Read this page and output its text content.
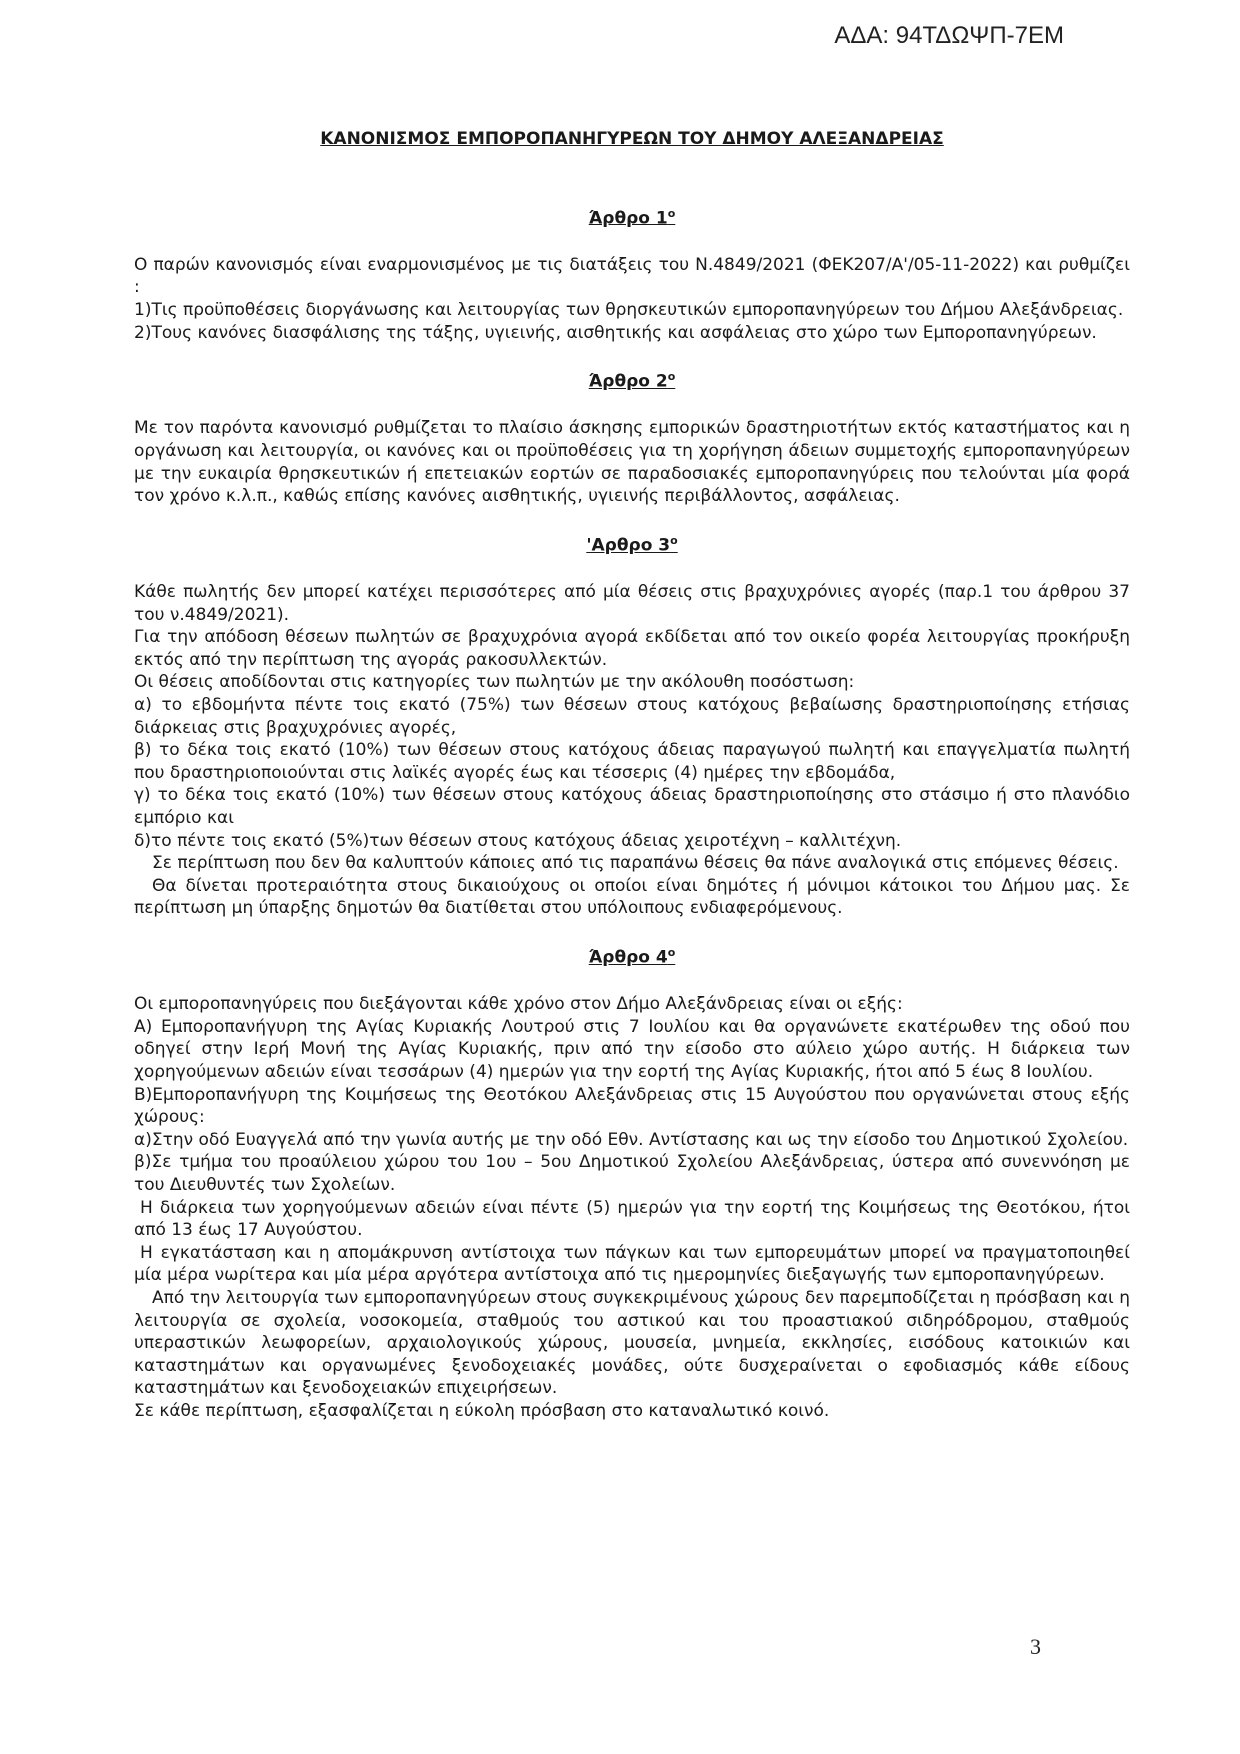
ΑΔΑ: 94ΤΔΩΨΠ-7ΕΜ
ΚΑΝΟΝΙΣΜΟΣ ΕΜΠΟΡΟΠΑΝΗΓΥΡΕΩΝ ΤΟΥ ΔΗΜΟΥ ΑΛΕΞΑΝΔΡΕΙΑΣ
Άρθρο $1^o$

Ο παρών κανονισμός είναι εναρμονισμένος με τις διατάξεις του Ν.4849/2021 (ΦΕΚ207/Α'/05-11-2022) και ρυθμίζει :

1)Τις προϋποθέσεις διοργάνωσης και λειτουργίας των θρησκευτικών εμποροπανηγύρεων του Δήμου Αλεξάνδρειας.

2)Τους κανόνες διασφάλισης της τάξης, υγιεινής, αισθητικής και ασφάλειας στο χώρο των Εμποροπανηγύρεων.

Άρθρο $2^o$

Με τον παρόντα κανονισμό ρυθμίζεται το πλαίσιο άσκησης εμπορικών δραστηριοτήτων εκτός καταστήματος και η οργάνωση και λειτουργία, οι κανόνες και οι προϋποθέσεις για τη χορήγηση άδειων συμμετοχής εμποροπανηγύρεων με την ευκαιρία θρησκευτικών ή επετειακών εορτών σε παραδοσιακές εμποροπανηγύρεις που τελούνται μία φορά τον χρόνο κ.λ.π., καθώς επίσης κανόνες αισθητικής, υγιεινής περιβάλλοντος, ασφάλειας.

'Αρθρο $3^o$

Κάθε πωλητής δεν μπορεί κατέχει περισσότερες από μία θέσεις στις βραχυχρόνιες αγορές (παρ.1 του άρθρου 37 του ν.4849/2021).

Για την απόδοση θέσεων πωλητών σε βραχυχρόνια αγορά εκδίδεται από τον οικείο φορέα λειτουργίας προκήρυξη εκτός από την περίπτωση της αγοράς ρακοσυλλεκτών.

Οι θέσεις αποδίδονται στις κατηγορίες των πωλητών με την ακόλουθη ποσόστωση:

α) το εβδομήντα πέντε τοις εκατό (75%) των θέσεων στους κατόχους βεβαίωσης δραστηριοποίησης ετήσιας διάρκειας στις βραχυχρόνιες αγορές,

β) το δέκα τοις εκατό (10%) των θέσεων στους κατόχους άδειας παραγωγού πωλητή και επαγγελματία πωλητή που δραστηριοποιούνται στις λαϊκές αγορές έως και τέσσερις (4) ημέρες την εβδομάδα,

γ) το δέκα τοις εκατό (10%) των θέσεων στους κατόχους άδειας δραστηριοποίησης στο στάσιμο ή στο πλανόδιο εμπόριο και

δ)το πέντε τοις εκατό (5%)των θέσεων στους κατόχους άδειας χειροτέχνη – καλλιτέχνη.

Σε περίπτωση που δεν θα καλυπτούν κάποιες από τις παραπάνω θέσεις θα πάνε αναλογικά στις επόμενες θέσεις.

Θα δίνεται προτεραιότητα στους δικαιούχους οι οποίοι είναι δημότες ή μόνιμοι κάτοικοι του Δήμου μας. Σε περίπτωση μη ύπαρξης δημοτών θα διατίθεται στου υπόλοιπους ενδιαφερόμενους.

Άρθρο $4^o$

Οι εμποροπανηγύρεις που διεξάγονται κάθε χρόνο στον Δήμο Αλεξάνδρειας είναι οι εξής:

Α) Εμποροπανήγυρη της Αγίας Κυριακής Λουτρού στις 7 Ιουλίου και θα οργανώνετε εκατέρωθεν της οδού που οδηγεί στην Ιερή Μονή της Αγίας Κυριακής, πριν από την είσοδο στο αύλειο χώρο αυτής. Η διάρκεια των χορηγούμενων αδειών είναι τεσσάρων (4) ημερών για την εορτή της Αγίας Κυριακής, ήτοι από 5 έως 8 Ιουλίου.

Β)Εμποροπανήγυρη της Κοιμήσεως της Θεοτόκου Αλεξάνδρειας στις 15 Αυγούστου που οργανώνεται στους εξής χώρους:

α)Στην οδό Ευαγγελά από την γωνία αυτής με την οδό Εθν. Αντίστασης και ως την είσοδο του Δημοτικού Σχολείου.

β)Σε τμήμα του προαύλειου χώρου του 1ου – 5ου Δημοτικού Σχολείου Αλεξάνδρειας, ύστερα από συνεννόηση με του Διευθυντές των Σχολείων.

Η διάρκεια των χορηγούμενων αδειών είναι πέντε (5) ημερών για την εορτή της Κοιμήσεως της Θεοτόκου, ήτοι από 13 έως 17 Αυγούστου.

Η εγκατάσταση και η απομάκρυνση αντίστοιχα των πάγκων και των εμπορευμάτων μπορεί να πραγματοποιηθεί μία μέρα νωρίτερα και μία μέρα αργότερα αντίστοιχα από τις ημερομηνίες διεξαγωγής των εμποροπανηγύρεων.

Από την λειτουργία των εμποροπανηγύρεων στους συγκεκριμένους χώρους δεν παρεμποδίζεται η πρόσβαση και η λειτουργία σε σχολεία, νοσοκομεία, σταθμούς του αστικού και του προαστιακού σιδηρόδρομου, σταθμούς υπεραστικών λεωφορείων, αρχαιολογικούς χώρους, μουσεία, μνημεία, εκκλησίες, εισόδους κατοικιών και καταστημάτων και οργανωμένες ξενοδοχειακές μονάδες, ούτε δυσχεραίνεται ο εφοδιασμός κάθε είδους καταστημάτων και ξενοδοχειακών επιχειρήσεων.

Σε κάθε περίπτωση, εξασφαλίζεται η εύκολη πρόσβαση στο καταναλωτικό κοινό.

3
